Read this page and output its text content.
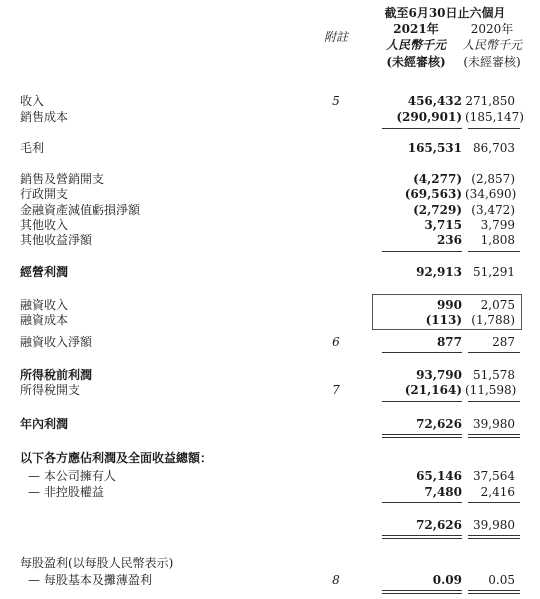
截至6月30日止六個月
附註
2021年	2020年
人民幣千元	人民幣千元
(未經審核)	(未經審核)
收入	5	456,432 271,850
銷售成本	(290,901) (185,147)
毛利	165,531 86,703
銷售及營銷開支	(4,277) (2,857)
行政開支	(69,563) (34,690)
金融資產減值虧損淨額	(2,729) (3,472)
其他收入	3,715	3,799
其他收益淨額	236	1,808
經營利潤	92,913 51,291
融資收入	990	2,075
融資成本	(113) (1,788)
融資收入淨額	6	877	287
所得稅前利潤	93,790 51,578
所得稅開支	7	(21,164) (11,598)
年內利潤	72,626 39,980
以下各方應佔利潤及全面收益總額：
— 本公司擁有人	65,146 37,564
— 非控股權益	7,480	2,416
72,626 39,980
每股盈利(以每股人民幣表示)
— 每股基本及攤薄盈利	8	0.09	0.05
